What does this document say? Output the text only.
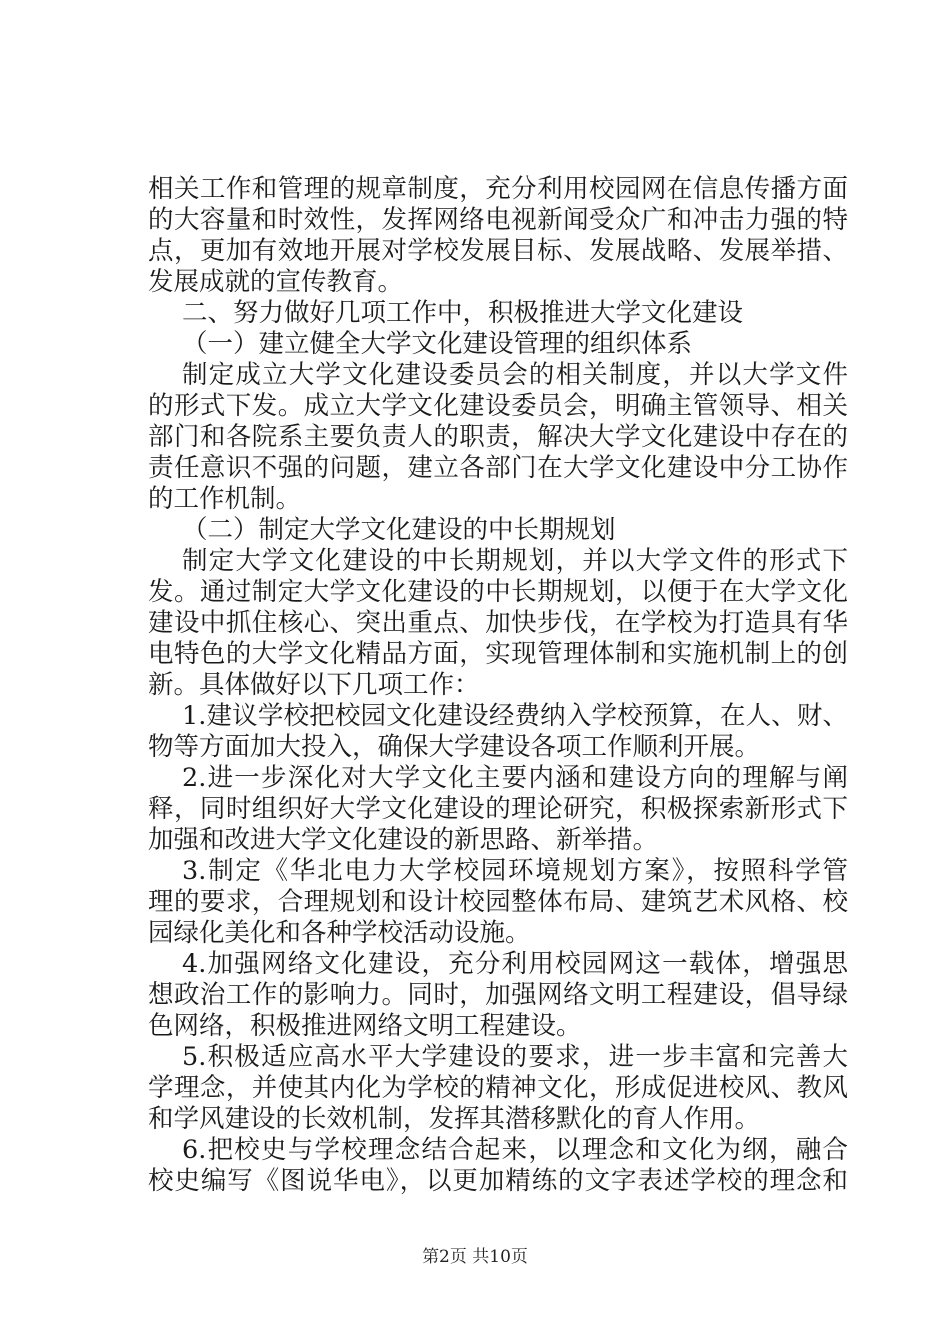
相关工作和管理的规章制度，充分利用校园网在信息传播方面
的大容量和时效性，发挥网络电视新闻受众广和冲击力强的特
点，更加有效地开展对学校发展目标、发展战略、发展举措、
发展成就的宣传教育。
二、努力做好几项工作中，积极推进大学文化建设
（一）建立健全大学文化建设管理的组织体系
制定成立大学文化建设委员会的相关制度，并以大学文件
的形式下发。成立大学文化建设委员会，明确主管领导、相关
部门和各院系主要负责人的职责，解决大学文化建设中存在的
责任意识不强的问题，建立各部门在大学文化建设中分工协作
的工作机制。
（二）制定大学文化建设的中长期规划
制定大学文化建设的中长期规划，并以大学文件的形式下
发。通过制定大学文化建设的中长期规划，以便于在大学文化
建设中抓住核心、突出重点、加快步伐，在学校为打造具有华
电特色的大学文化精品方面，实现管理体制和实施机制上的创
新。具体做好以下几项工作：
1.建议学校把校园文化建设经费纳入学校预算，在人、财、
物等方面加大投入，确保大学建设各项工作顺利开展。
2.进一步深化对大学文化主要内涵和建设方向的理解与阐
释，同时组织好大学文化建设的理论研究，积极探索新形式下
加强和改进大学文化建设的新思路、新举措。
3.制定《华北电力大学校园环境规划方案》，按照科学管
理的要求，合理规划和设计校园整体布局、建筑艺术风格、校
园绿化美化和各种学校活动设施。
4.加强网络文化建设，充分利用校园网这一载体，增强思
想政治工作的影响力。同时，加强网络文明工程建设，倡导绿
色网络，积极推进网络文明工程建设。
5.积极适应高水平大学建设的要求，进一步丰富和完善大
学理念，并使其内化为学校的精神文化，形成促进校风、教风
和学风建设的长效机制，发挥其潜移默化的育人作用。
6.把校史与学校理念结合起来，以理念和文化为纲，融合
校史编写《图说华电》，以更加精练的文字表述学校的理念和
第2页 共10页
